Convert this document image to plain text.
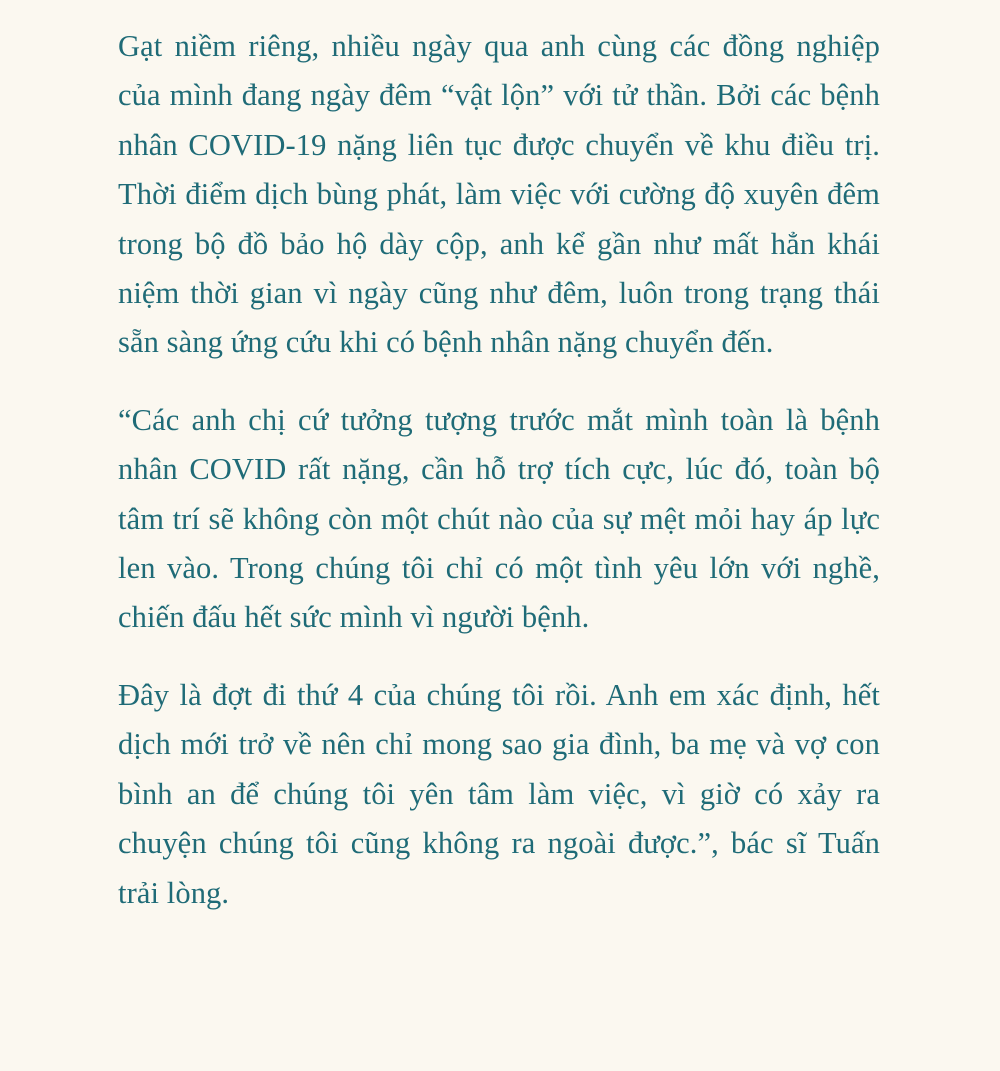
Gạt niềm riêng, nhiều ngày qua anh cùng các đồng nghiệp của mình đang ngày đêm “vật lộn” với tử thần. Bởi các bệnh nhân COVID-19 nặng liên tục được chuyển về khu điều trị. Thời điểm dịch bùng phát, làm việc với cường độ xuyên đêm trong bộ đồ bảo hộ dày cộp, anh kể gần như mất hẳn khái niệm thời gian vì ngày cũng như đêm, luôn trong trạng thái sẵn sàng ứng cứu khi có bệnh nhân nặng chuyển đến.

“Các anh chị cứ tưởng tượng trước mắt mình toàn là bệnh nhân COVID rất nặng, cần hỗ trợ tích cực, lúc đó, toàn bộ tâm trí sẽ không còn một chút nào của sự mệt mỏi hay áp lực len vào. Trong chúng tôi chỉ có một tình yêu lớn với nghề, chiến đấu hết sức mình vì người bệnh.

Đây là đợt đi thứ 4 của chúng tôi rồi. Anh em xác định, hết dịch mới trở về nên chỉ mong sao gia đình, ba mẹ và vợ con bình an để chúng tôi yên tâm làm việc, vì giờ có xảy ra chuyện chúng tôi cũng không ra ngoài được.”, bác sĩ Tuấn trải lòng.
